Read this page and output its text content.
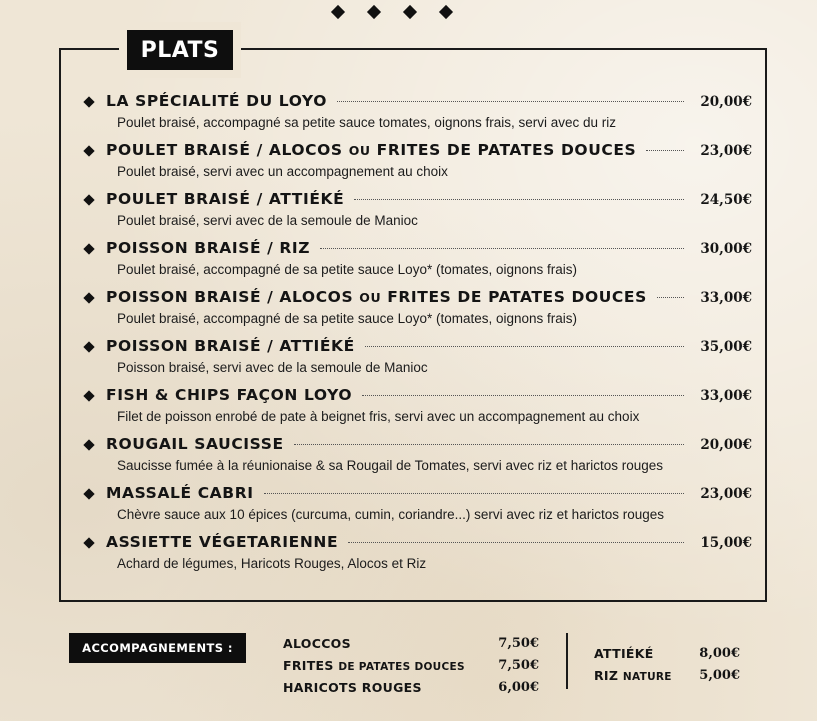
PLATS
LA SPÉCIALITÉ DU LOYO	20,00€
Poulet braisé, accompagné sa petite sauce tomates, oignons frais, servi avec du riz
POULET BRAISÉ / ALOCOS OU FRITES DE PATATES DOUCES	23,00€
Poulet braisé, servi avec un accompagnement au choix
POULET BRAISÉ / ATTIÉKÉ	24,50€
Poulet braisé, servi avec de la semoule de Manioc
POISSON BRAISÉ / RIZ	30,00€
Poulet braisé, accompagné de sa petite sauce Loyo* (tomates, oignons frais)
POISSON BRAISÉ / ALOCOS OU FRITES DE PATATES DOUCES	33,00€
Poulet braisé, accompagné de sa petite sauce Loyo* (tomates, oignons frais)
POISSON BRAISÉ / ATTIÉKÉ	35,00€
Poisson braisé, servi avec de la semoule de Manioc
FISH & CHIPS FAÇON LOYO	33,00€
Filet de poisson enrobé de pate à beignet fris, servi avec un accompagnement au choix
ROUGAIL SAUCISSE	20,00€
Saucisse fumée à la réunionaise & sa Rougail de Tomates, servi avec riz et harictos rouges
MASSALÉ CABRI	23,00€
Chèvre sauce aux 10 épices (curcuma, cumin, coriandre...) servi avec riz et harictos rouges
ASSIETTE VÉGETARIENNE	15,00€
Achard de légumes, Haricots Rouges, Alocos et Riz
ACCOMPAGNEMENTS :	ALOCCOS	7,50€
FRITES DE PATATES DOUCES	7,50€
HARICOTS ROUGES	6,00€
ATTIÉKÉ	8,00€
RIZ NATURE	5,00€
